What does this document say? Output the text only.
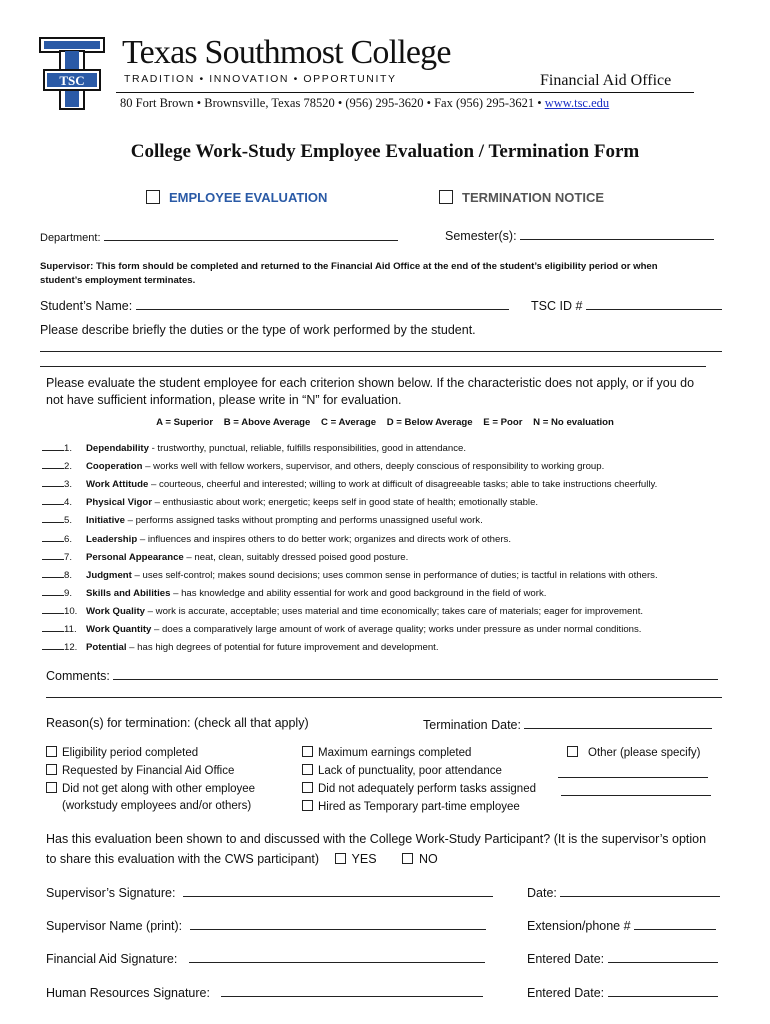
TSC
Texas Southmost College
TRADITION • INNOVATION • OPPORTUNITY	Financial Aid Office
80 Fort Brown • Brownsville, Texas 78520 • (956) 295-3620 • Fax (956) 295-3621 • www.tsc.edu
College Work-Study Employee Evaluation / Termination Form
EMPLOYEE EVALUATION	TERMINATION NOTICE
Department:	Semester(s):
Supervisor: This form should be completed and returned to the Financial Aid Office at the end of the student’s eligibility period or when
student’s employment terminates.
Student’s Name:	TSC ID #
Please describe briefly the duties or the type of work performed by the student.
Please evaluate the student employee for each criterion shown below. If the characteristic does not apply, or if you do
not have sufficient information, please write in “N” for evaluation.
A = Superior    B = Above Average    C = Average    D = Below Average    E = Poor    N = No evaluation
1. Dependability - trustworthy, punctual, reliable, fulfills responsibilities, good in attendance.
2. Cooperation – works well with fellow workers, supervisor, and others, deeply conscious of responsibility to working group.
3. Work Attitude – courteous, cheerful and interested; willing to work at difficult of disagreeable tasks; able to take instructions cheerfully.
4. Physical Vigor – enthusiastic about work; energetic; keeps self in good state of health; emotionally stable.
5. Initiative – performs assigned tasks without prompting and performs unassigned useful work.
6. Leadership – influences and inspires others to do better work; organizes and directs work of others.
7. Personal Appearance – neat, clean, suitably dressed poised good posture.
8. Judgment – uses self-control; makes sound decisions; uses common sense in performance of duties; is tactful in relations with others.
9. Skills and Abilities – has knowledge and ability essential for work and good background in the field of work.
10. Work Quality – work is accurate, acceptable; uses material and time economically; takes care of materials; eager for improvement.
11. Work Quantity – does a comparatively large amount of work of average quality; works under pressure as under normal conditions.
12. Potential – has high degrees of potential for future improvement and development.
Comments:
Reason(s) for termination: (check all that apply)	Termination Date:
Eligibility period completed
Requested by Financial Aid Office
Did not get along with other employee
(workstudy employees and/or others)
Maximum earnings completed
Lack of punctuality, poor attendance
Did not adequately perform tasks assigned
Hired as Temporary part-time employee
Other (please specify)
Has this evaluation been shown to and discussed with the College Work-Study Participant? (It is the supervisor’s option
to share this evaluation with the CWS participant)	YES	NO
Supervisor’s Signature:	Date:
Supervisor Name (print):	Extension/phone #
Financial Aid Signature:	Entered Date:
Human Resources Signature:	Entered Date:
